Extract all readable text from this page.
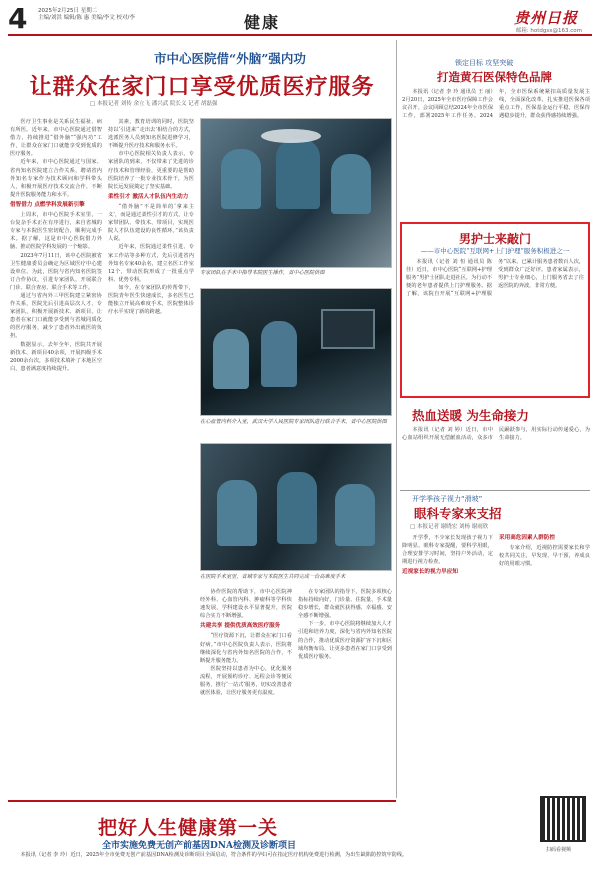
4 2025年2月25日 星期二
主编/刘洪 编辑/陈 惠 美编/李文 校对/李	健康	贵州日报
邮箱: hotdgsx@163.com
市中心医院借“外脑”强内功
让群众在家门口享受优质医疗服务
□ 本报记者 刘传 余立飞 潘兴武 院长义 记者 胡磊强

医疗卫生事业是关系民生福祉、病有所医。近年来，市中心医院通过借智借力，持续推进“借外脑”“强内功”工作，让群众在家门口就能享受到优质的医疗服务。

近年来，市中心医院通过与国家、省内知名医院建立合作关系，聘请省内外知名专家作为技术顾问和学科带头人，积极开展医疗技术交流合作，不断提升医院服务能力和水平。

借智借力 点燃学科发展新引擎

上周末，市中心医院手术室里，一台复杂手术正在有序进行，来自省城的专家与本院医生密切配合，顺利完成手术。据了解，这是市中心医院借力外脑、推动医院学科发展的一个缩影。

2023年7月11日，该中心医院被省卫生健康委员会确定为区域医疗中心建设单位。为此，医院与省内知名医院签订合作协议，引进专家团队，开展联合门诊、联合查房、联合手术等工作。

通过与省内外三甲医院建立紧密协作关系，医院先后引进高层次人才、专家团队，积极开展新技术、新项目，让患者在家门口就能享受到与省城同质化的医疗服务，减少了患者外出就医的负担。

数据显示，去年全年，医院共开展新技术、新项目40余项，开展四级手术2000余台次，多项技术填补了本地区空白，患者满意度持续提升。

其素，教育培训的同时，医院坚持以‘引进来’‘走出去’相结合的方式，选派医务人员到知名医院进修学习，不断提升医疗技术和服务水平。

市中心医院相关负责人表示，专家团队的到来，不仅带来了先进的诊疗技术和管理经验，更重要的是帮助医院培养了一批专业技术骨干，为医院长远发展奠定了坚实基础。

柔性引才 激活人才队伍内生动力

“借外脑”不是简单的‘拿来主义’，而是通过柔性引才的方式，让专家带团队、带技术、带项目，实现医院人才队伍建设的良性循环。”该负责人说。

近年来，医院通过柔性引进、专家工作站等多种方式，先后引进省内外知名专家40余名，建立名医工作室12个，带动医院形成了一批重点学科、优势专科。

如今，在专家团队的传帮带下，医院青年医生快速成长，多名医生已能独立开展高难度手术，医院整体诊疗水平实现了新的跨越。

专家团队在手术中指导本院医生操作，省中心医院供图
在心血管内科介入室，武汉大学人民医院专家团队进行联合手术，省中心医院供图
在医院手术室里，省城专家与本院医生共同完成一台高难度手术

协作医院的帮助下，市中心医院神经外科、心血管内科、肿瘤科等学科快速发展，学科建设水平显著提升，医院综合实力不断增强。

共建共享 提供优质高效医疗服务

“医疗资源下沉，让群众在家门口看好病。”市中心医院负责人表示，医院将继续深化与省内外知名医院的合作，不断提升服务能力。

医院坚持以患者为中心，优化服务流程，开展预约诊疗、远程会诊等便民服务，推行‘一站式’服务，切实改善患者就医体验，让医疗服务更有温度。

在专家团队的指导下，医院多项核心指标持续向好，门诊量、住院量、手术量稳步增长，群众就医获得感、幸福感、安全感不断增强。

下一步，市中心医院将继续加大人才引进和培养力度，深化与省内外知名医院的合作，推动优质医疗资源扩容下沉和区域均衡布局，让更多患者在家门口享受到优质医疗服务。

锁定目标 攻坚突破
打造黄石医保特色品牌

本报讯（记者 李 玲 通讯员 王 丽）2月20日，2025年全市医疗保障工作会议召开。会议回顾总结2024年全市医保工作，部署2025年工作任务。2024年，全市医保系统紧扣高质量发展主线，全面深化改革，扎实推进医保各项重点工作，医保基金运行平稳，医保待遇稳步提升，群众获得感持续增强。

男护士来敲门
——市中心医院“互联网+上门护理”服务积极进之一

本报讯（记者 刘 恒 通讯员 陈 佳）近日，市中心医院“互联网+护理服务”男护士团队走进社区，为行动不便的老年患者提供上门护理服务。据了解，该院自开展“互联网+护理服务”以来，已累计服务患者数百人次，受到群众广泛好评。患者家属表示，男护士专业细心，上门服务省去了往返医院的奔波，非常方便。

热血送暖 为生命接力

本报讯（记者 刘 婷）近日，市中心血站组织开展无偿献血活动，众多市民踊跃参与，用实际行动传递爱心，为生命接力。

开学季孩子视力“滑坡”
眼科专家来支招
□ 本报记者 谢晓宏 刘杨 谢雨欣

开学季，不少家长发现孩子视力下降明显。眼科专家提醒，要科学用眼，合理安排学习时间，坚持户外活动，定期进行视力检查。

近视家长的视力早应知

采用高危因素人群防控

专家介绍，近视防控需要家长和学校共同关注，早发现、早干预，养成良好的用眼习惯。

把好人生健康第一关
全市实施免费无创产前基因DNA检测及诊断项目

本报讯（记者 李 玲）近日，2025年全市免费无创产前基因DNA检测及诊断项目全面启动，符合条件的孕妇可在指定医疗机构免费进行检测，为出生缺陷防控筑牢防线。

扫码看视频
